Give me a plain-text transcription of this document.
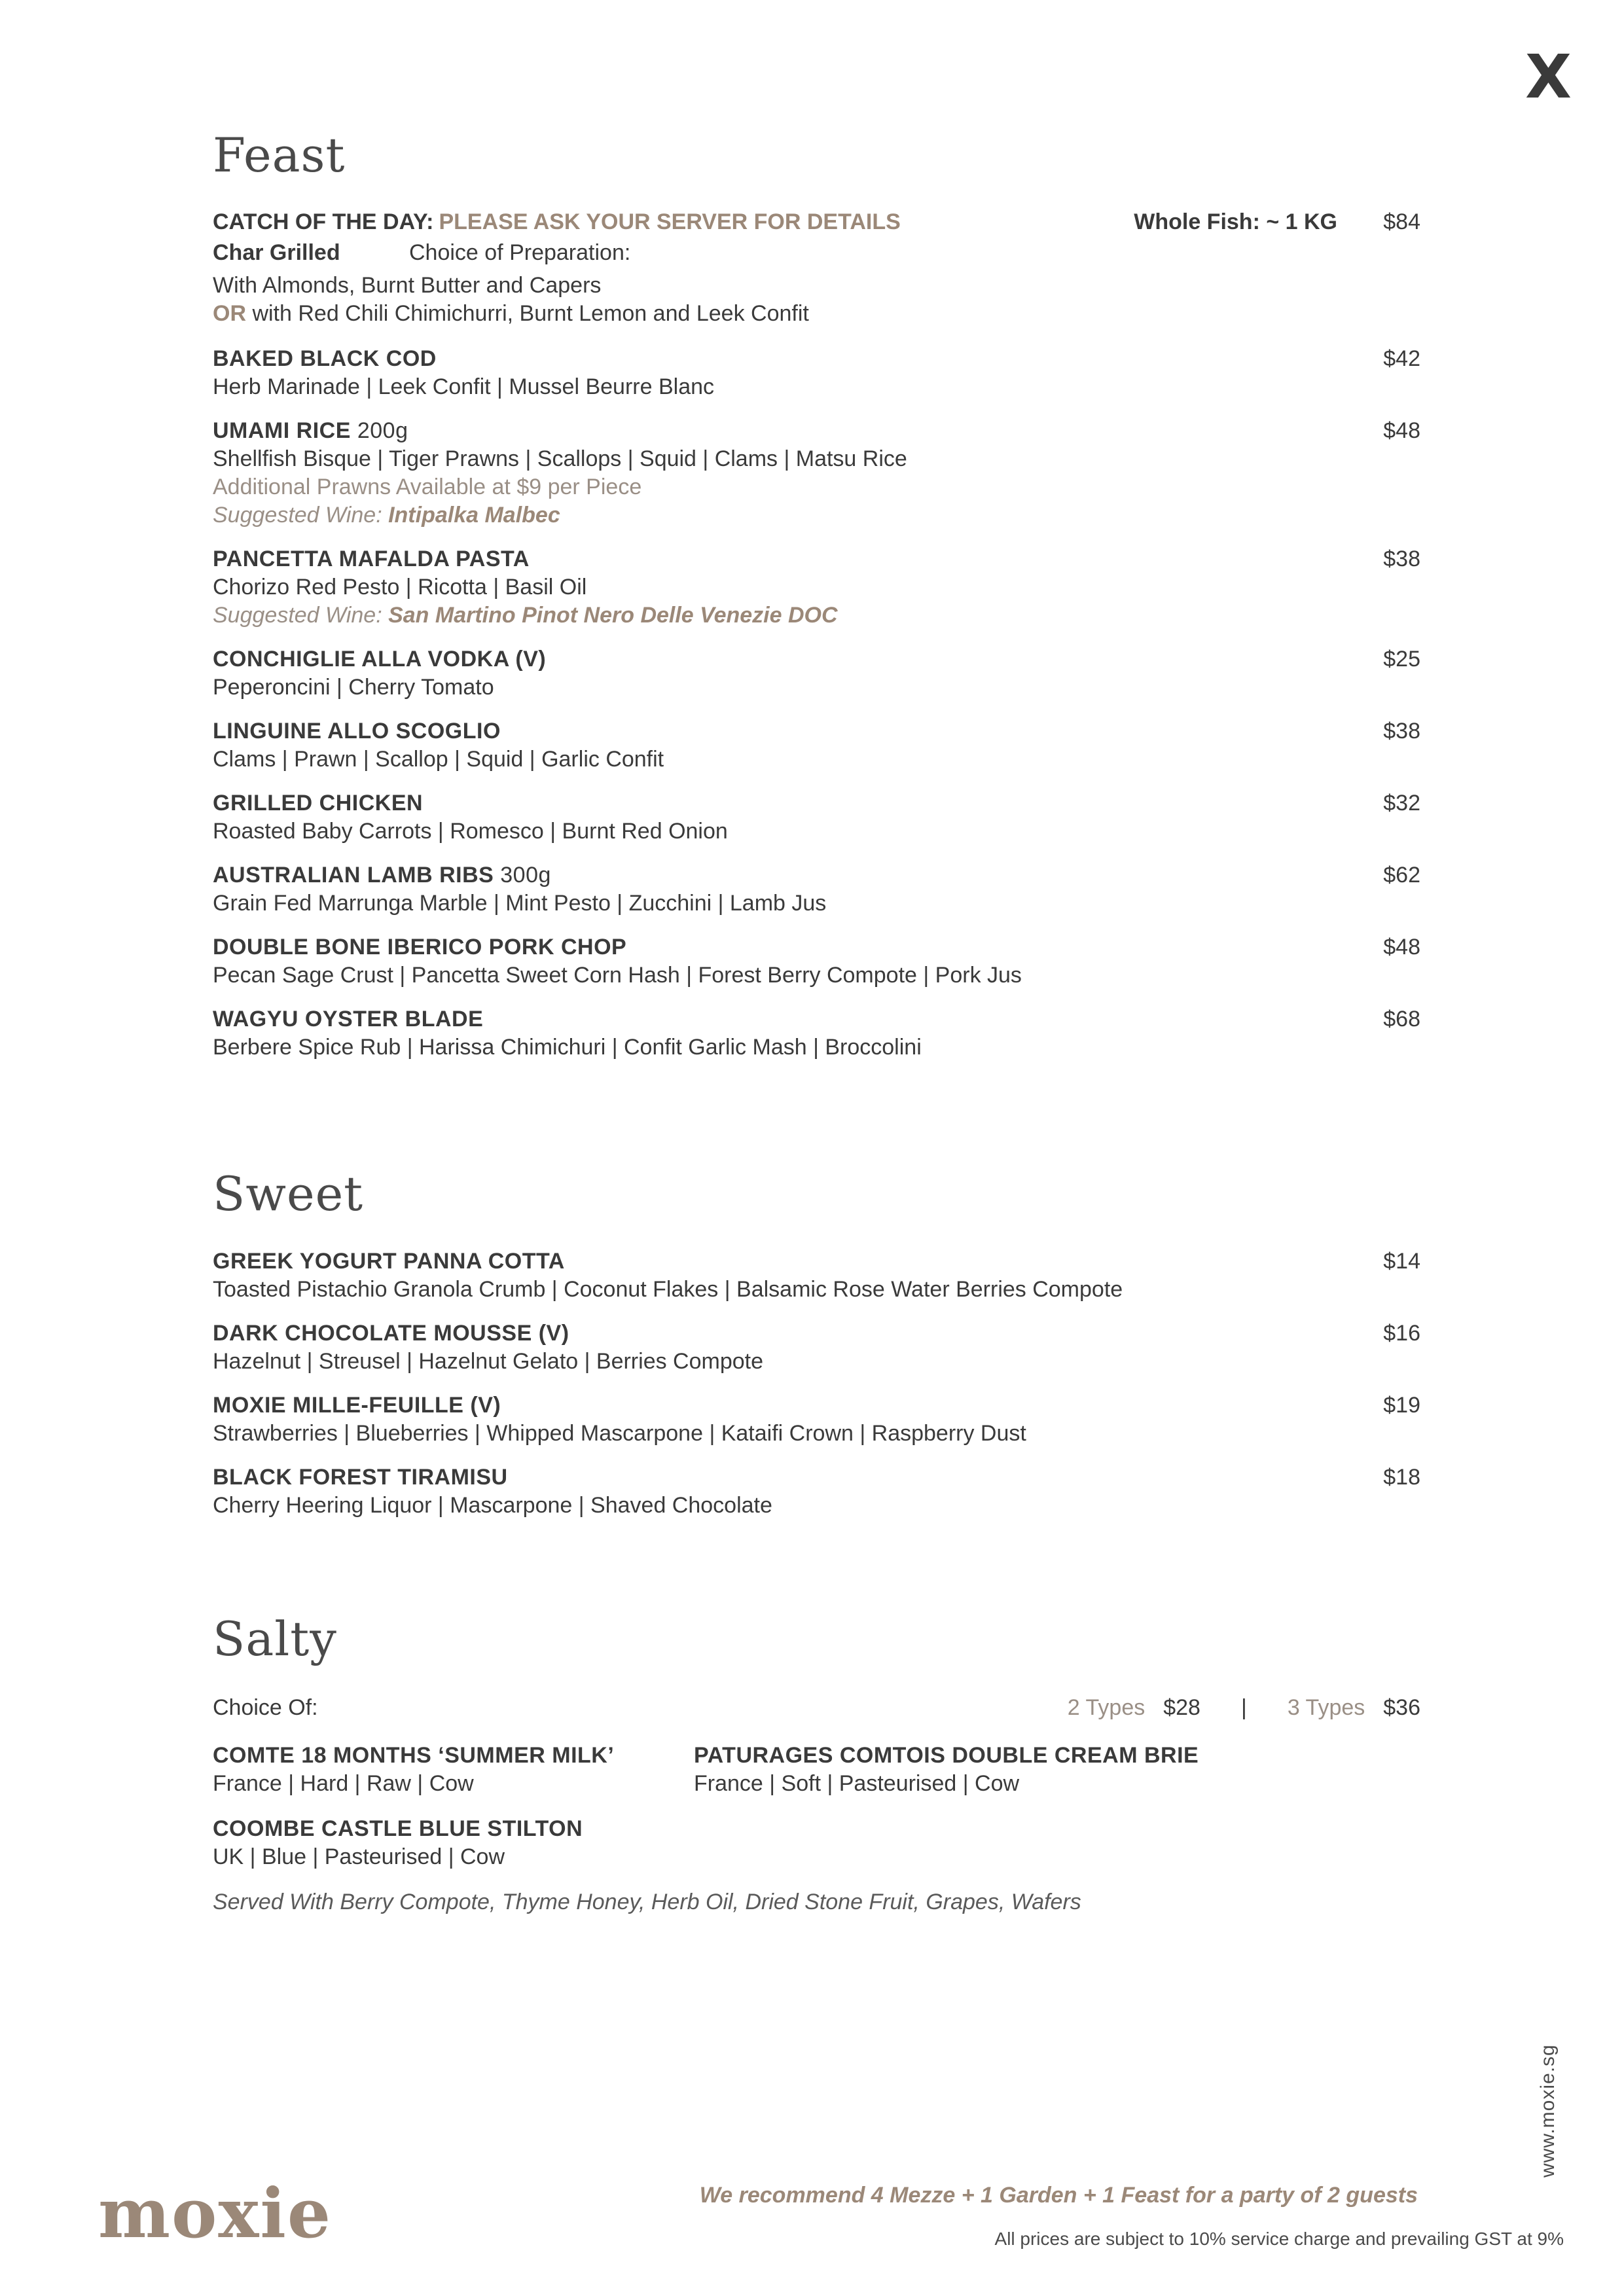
X
Feast
CATCH OF THE DAY: PLEASE ASK YOUR SERVER FOR DETAILS	Whole Fish: ~ 1 KG $84
Char Grilled	Choice of Preparation:
With Almonds, Burnt Butter and Capers
OR with Red Chili Chimichurri, Burnt Lemon and Leek Confit
BAKED BLACK COD	$42
Herb Marinade | Leek Confit | Mussel Beurre Blanc
UMAMI RICE 200g	$48
Shellfish Bisque | Tiger Prawns | Scallops | Squid | Clams | Matsu Rice
Additional Prawns Available at $9 per Piece
Suggested Wine: Intipalka Malbec
PANCETTA MAFALDA PASTA	$38
Chorizo Red Pesto | Ricotta | Basil Oil
Suggested Wine: San Martino Pinot Nero Delle Venezie DOC
CONCHIGLIE ALLA VODKA (V)	$25
Peperoncini | Cherry Tomato
LINGUINE ALLO SCOGLIO	$38
Clams | Prawn | Scallop | Squid | Garlic Confit
GRILLED CHICKEN	$32
Roasted Baby Carrots | Romesco | Burnt Red Onion
AUSTRALIAN LAMB RIBS 300g	$62
Grain Fed Marrunga Marble | Mint Pesto | Zucchini | Lamb Jus
DOUBLE BONE IBERICO PORK CHOP	$48
Pecan Sage Crust | Pancetta Sweet Corn Hash | Forest Berry Compote | Pork Jus
WAGYU OYSTER BLADE	$68
Berbere Spice Rub | Harissa Chimichuri | Confit Garlic Mash | Broccolini
Sweet
GREEK YOGURT PANNA COTTA	$14
Toasted Pistachio Granola Crumb | Coconut Flakes | Balsamic Rose Water Berries Compote
DARK CHOCOLATE MOUSSE (V)	$16
Hazelnut | Streusel | Hazelnut Gelato | Berries Compote
MOXIE MILLE-FEUILLE (V)	$19
Strawberries | Blueberries | Whipped Mascarpone | Kataifi Crown | Raspberry Dust
BLACK FOREST TIRAMISU	$18
Cherry Heering Liquor | Mascarpone | Shaved Chocolate
Salty
Choice Of:	2 Types $28 | 3 Types $36
COMTE 18 MONTHS ‘SUMMER MILK’
France | Hard | Raw | Cow
PATURAGES COMTOIS DOUBLE CREAM BRIE
France | Soft | Pasteurised | Cow
COOMBE CASTLE BLUE STILTON
UK | Blue | Pasteurised | Cow
Served With Berry Compote, Thyme Honey, Herb Oil, Dried Stone Fruit, Grapes, Wafers
moxie	We recommend 4 Mezze + 1 Garden + 1 Feast for a party of 2 guests
All prices are subject to 10% service charge and prevailing GST at 9%
www.moxie.sg
